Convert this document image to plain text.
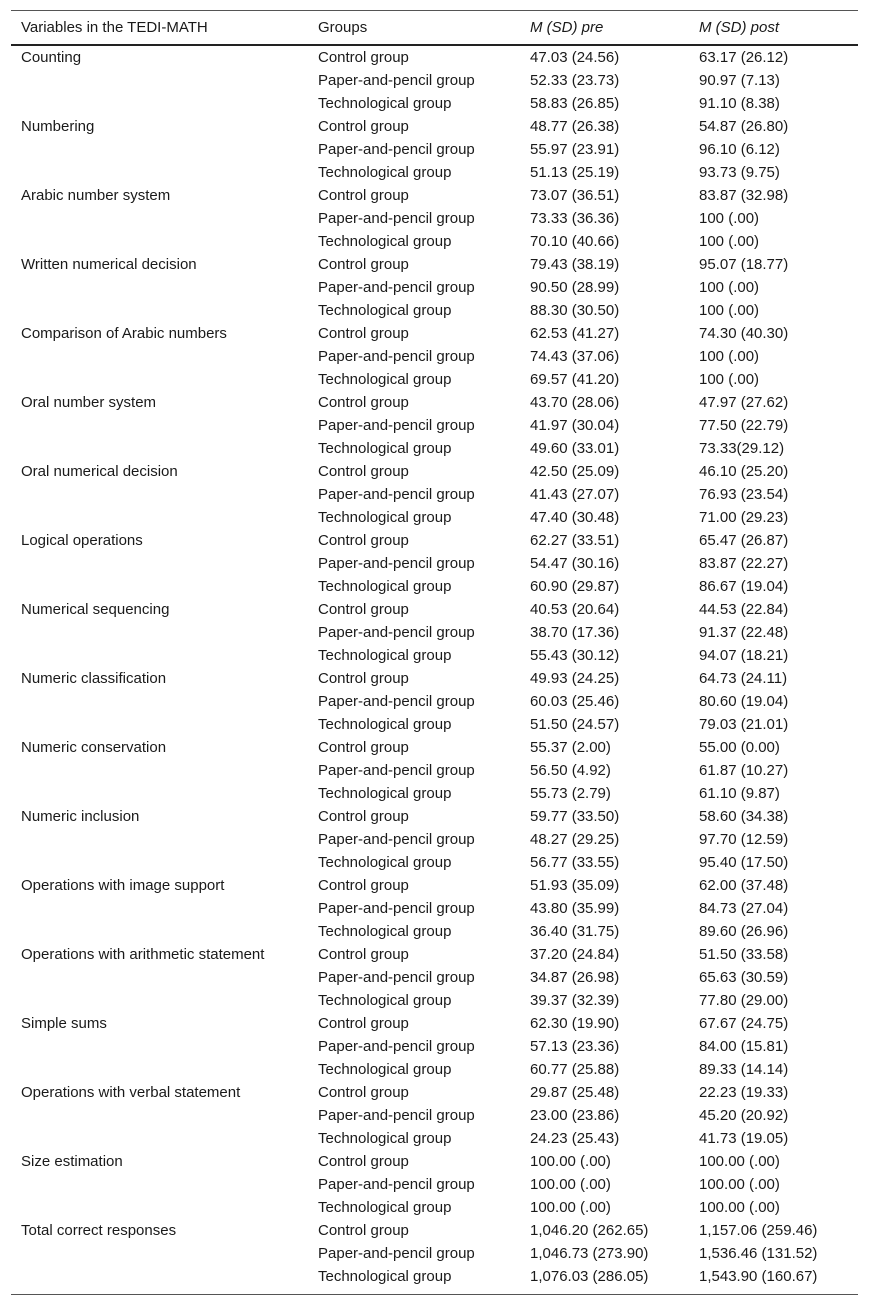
Variables in the TEDI-MATH	Groups	M (SD) pre	M (SD) post
Counting	Control group	47.03 (24.56)	63.17 (26.12)
	Paper-and-pencil group	52.33 (23.73)	90.97 (7.13)
	Technological group	58.83 (26.85)	91.10 (8.38)
Numbering	Control group	48.77 (26.38)	54.87 (26.80)
	Paper-and-pencil group	55.97 (23.91)	96.10 (6.12)
	Technological group	51.13 (25.19)	93.73 (9.75)
Arabic number system	Control group	73.07 (36.51)	83.87 (32.98)
	Paper-and-pencil group	73.33 (36.36)	100 (.00)
	Technological group	70.10 (40.66)	100 (.00)
Written numerical decision	Control group	79.43 (38.19)	95.07 (18.77)
	Paper-and-pencil group	90.50 (28.99)	100 (.00)
	Technological group	88.30 (30.50)	100 (.00)
Comparison of Arabic numbers	Control group	62.53 (41.27)	74.30 (40.30)
	Paper-and-pencil group	74.43 (37.06)	100 (.00)
	Technological group	69.57 (41.20)	100 (.00)
Oral number system	Control group	43.70 (28.06)	47.97 (27.62)
	Paper-and-pencil group	41.97 (30.04)	77.50 (22.79)
	Technological group	49.60 (33.01)	73.33(29.12)
Oral numerical decision	Control group	42.50 (25.09)	46.10 (25.20)
	Paper-and-pencil group	41.43 (27.07)	76.93 (23.54)
	Technological group	47.40 (30.48)	71.00 (29.23)
Logical operations	Control group	62.27 (33.51)	65.47 (26.87)
	Paper-and-pencil group	54.47 (30.16)	83.87 (22.27)
	Technological group	60.90 (29.87)	86.67 (19.04)
Numerical sequencing	Control group	40.53 (20.64)	44.53 (22.84)
	Paper-and-pencil group	38.70 (17.36)	91.37 (22.48)
	Technological group	55.43 (30.12)	94.07 (18.21)
Numeric classification	Control group	49.93 (24.25)	64.73 (24.11)
	Paper-and-pencil group	60.03 (25.46)	80.60 (19.04)
	Technological group	51.50 (24.57)	79.03 (21.01)
Numeric conservation	Control group	55.37 (2.00)	55.00 (0.00)
	Paper-and-pencil group	56.50 (4.92)	61.87 (10.27)
	Technological group	55.73 (2.79)	61.10 (9.87)
Numeric inclusion	Control group	59.77 (33.50)	58.60 (34.38)
	Paper-and-pencil group	48.27 (29.25)	97.70 (12.59)
	Technological group	56.77 (33.55)	95.40 (17.50)
Operations with image support	Control group	51.93 (35.09)	62.00 (37.48)
	Paper-and-pencil group	43.80 (35.99)	84.73 (27.04)
	Technological group	36.40 (31.75)	89.60 (26.96)
Operations with arithmetic statement	Control group	37.20 (24.84)	51.50 (33.58)
	Paper-and-pencil group	34.87 (26.98)	65.63 (30.59)
	Technological group	39.37 (32.39)	77.80 (29.00)
Simple sums	Control group	62.30 (19.90)	67.67 (24.75)
	Paper-and-pencil group	57.13 (23.36)	84.00 (15.81)
	Technological group	60.77 (25.88)	89.33 (14.14)
Operations with verbal statement	Control group	29.87 (25.48)	22.23 (19.33)
	Paper-and-pencil group	23.00 (23.86)	45.20 (20.92)
	Technological group	24.23 (25.43)	41.73 (19.05)
Size estimation	Control group	100.00 (.00)	100.00 (.00)
	Paper-and-pencil group	100.00 (.00)	100.00 (.00)
	Technological group	100.00 (.00)	100.00 (.00)
Total correct responses	Control group	1,046.20 (262.65)	1,157.06 (259.46)
	Paper-and-pencil group	1,046.73 (273.90)	1,536.46 (131.52)
	Technological group	1,076.03 (286.05)	1,543.90 (160.67)
